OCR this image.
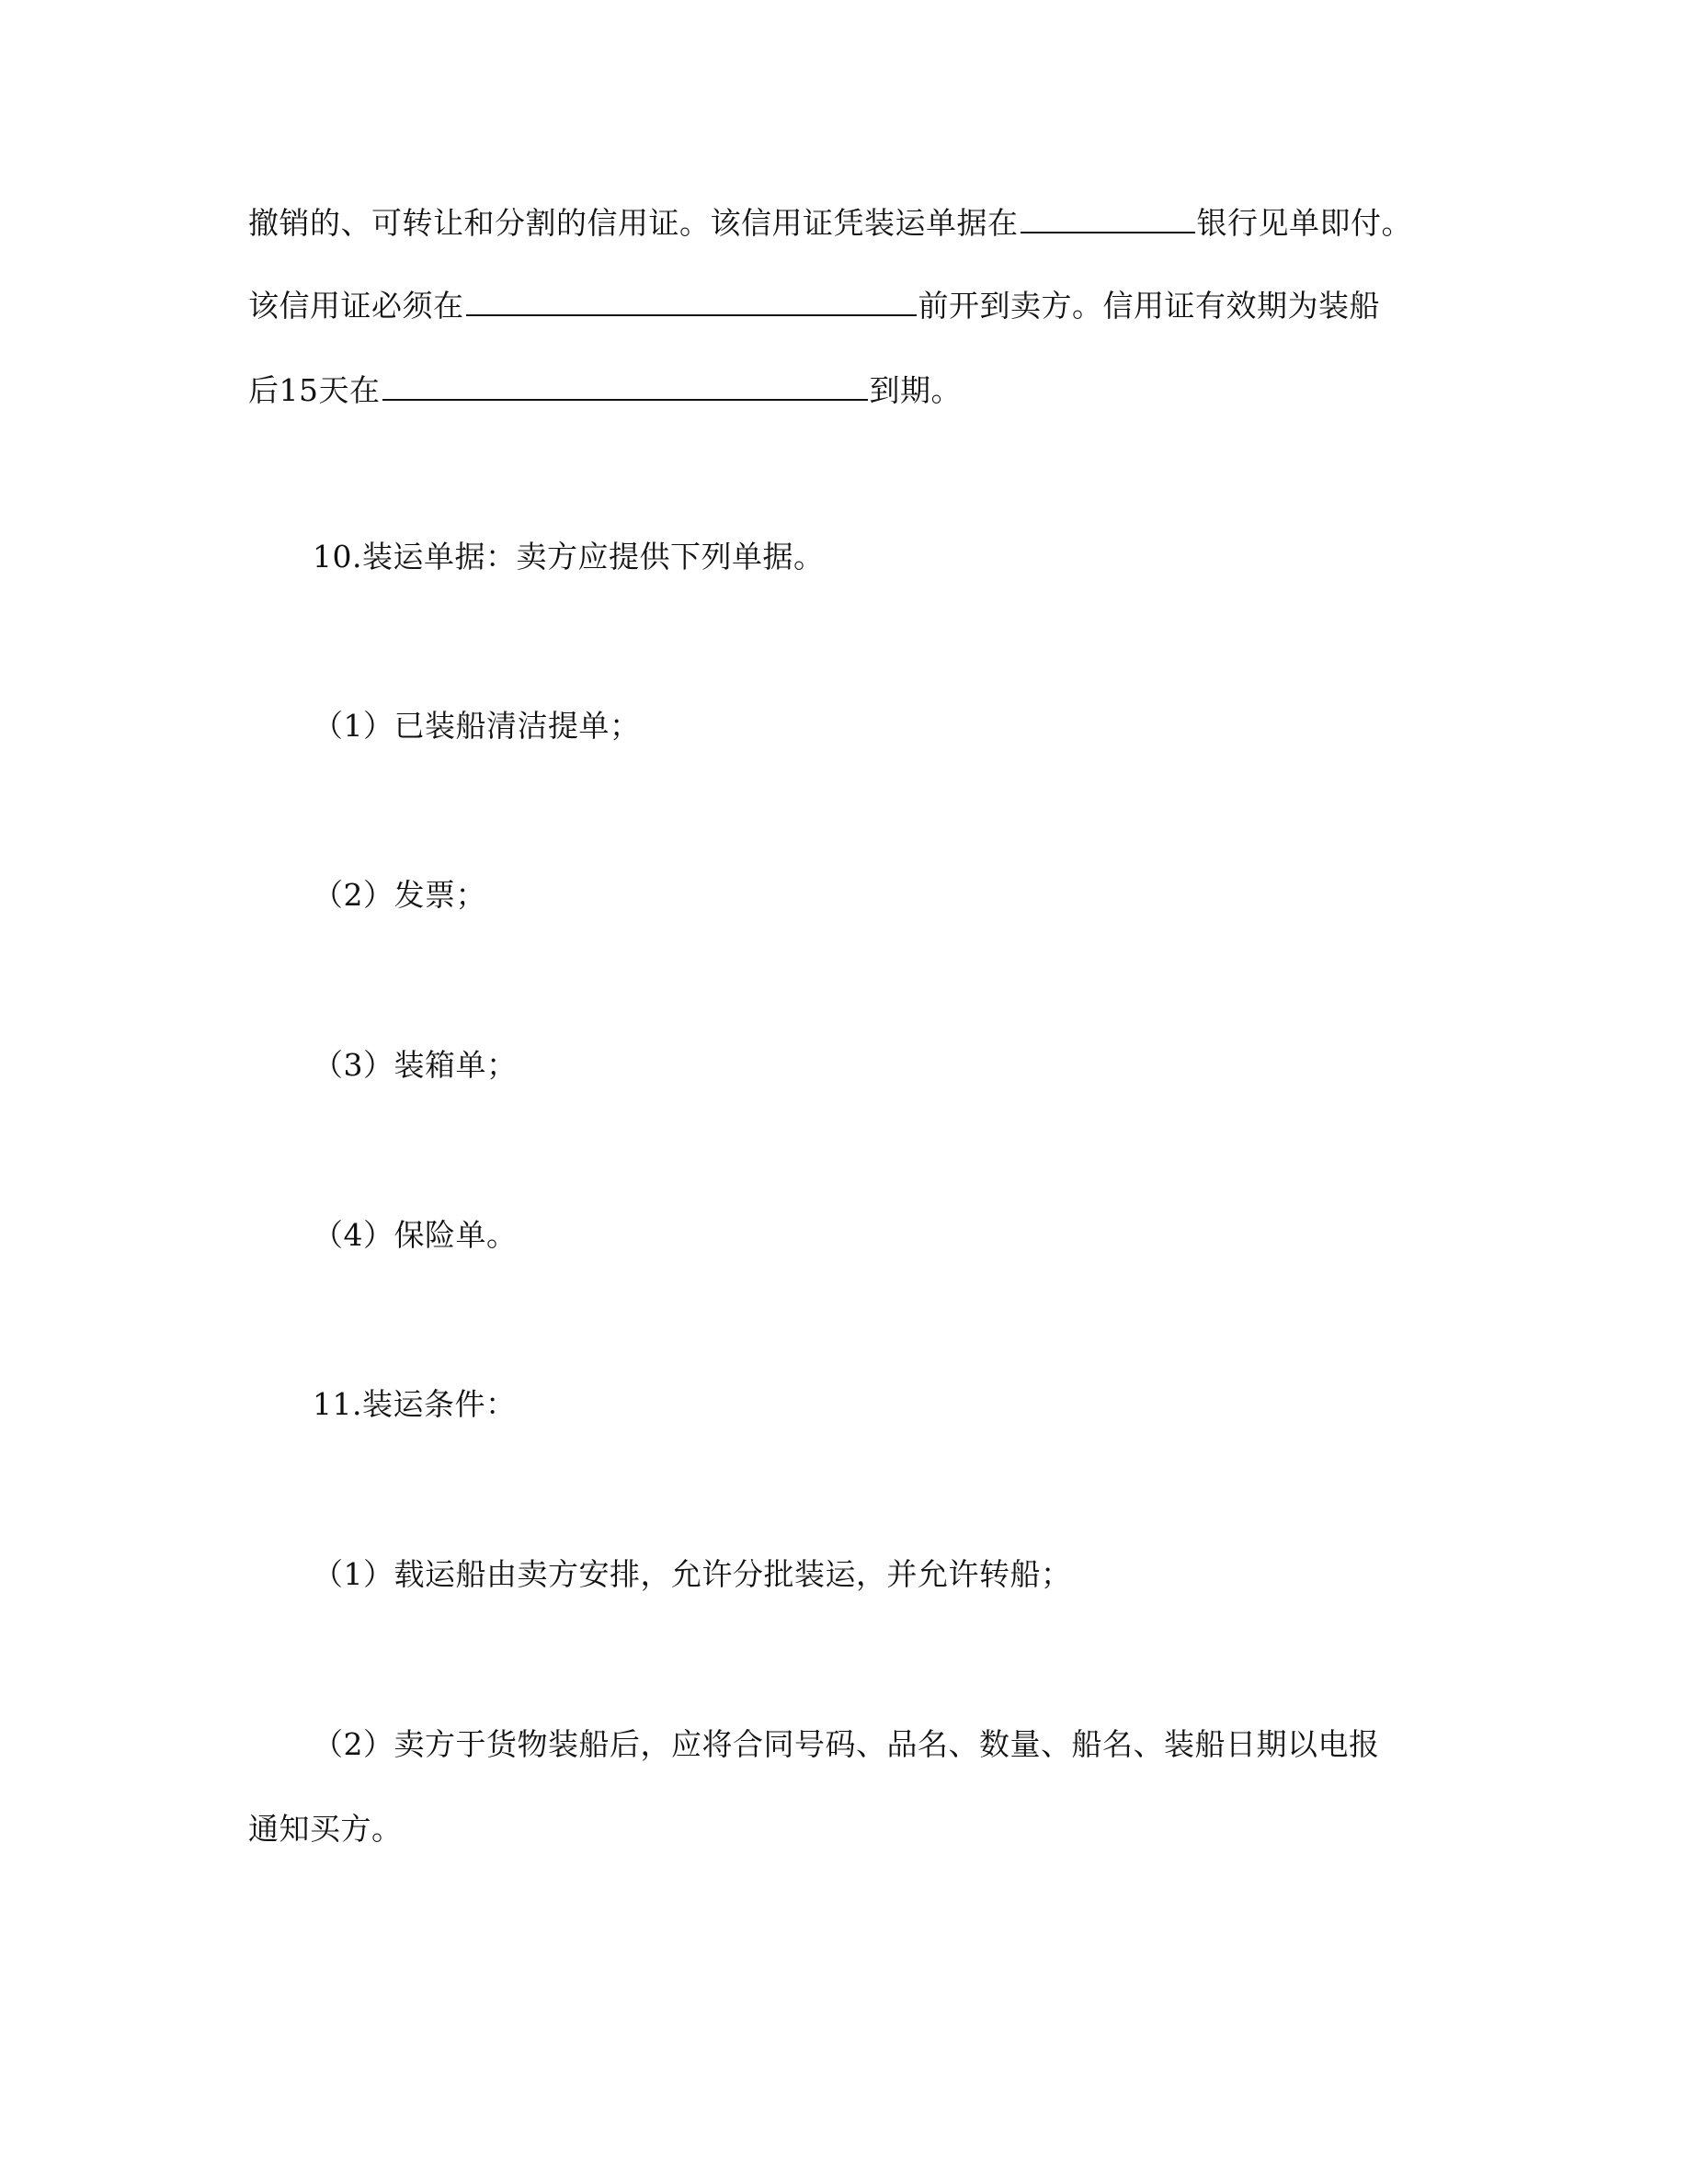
撤销的、可转让和分割的信用证。该信用证凭装运单据在	银行见单即付。
该信用证必须在	前开到卖方。信用证有效期为装船
后15天在	到期。
10.装运单据：卖方应提供下列单据。
（1）已装船清洁提单；
（2）发票；
（3）装箱单；
（4）保险单。
11.装运条件：
（1）载运船由卖方安排，允许分批装运，并允许转船；
（2）卖方于货物装船后，应将合同号码、品名、数量、船名、装船日期以电报
通知买方。
